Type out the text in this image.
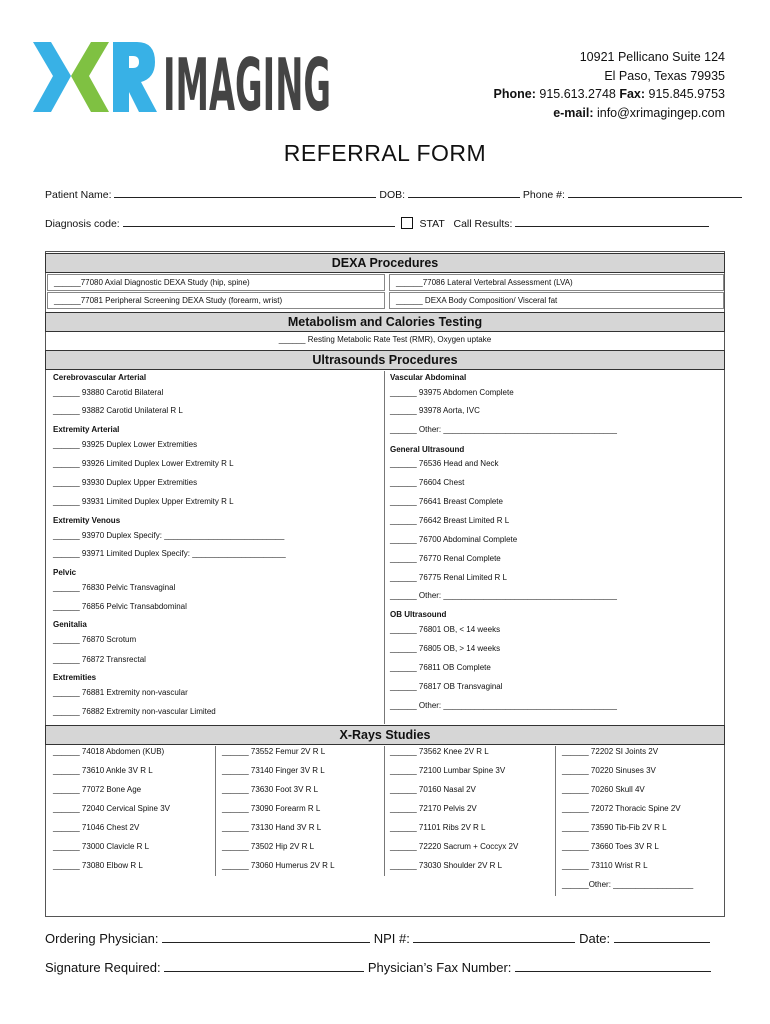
IMAGING	10921 Pellicano Suite 124
El Paso, Texas 79935
Phone: 915.613.2748 Fax: 915.845.9753
e-mail: info@xrimagingep.com
REFERRAL FORM
Patient Name:	DOB:	Phone #:
Diagnosis code:	STAT Call Results:
DEXA Procedures
______77080 Axial Diagnostic DEXA Study (hip, spine)	______77086 Lateral Vertebral Assessment (LVA)
______77081 Peripheral Screening DEXA Study (forearm, wrist)	______ DEXA Body Composition/ Visceral fat
Metabolism and Calories Testing
______ Resting Metabolic Rate Test (RMR), Oxygen uptake
Ultrasounds Procedures
Cerebrovascular Arterial
______ 93880 Carotid Bilateral
______ 93882 Carotid Unilateral R L
Extremity Arterial
______ 93925 Duplex Lower Extremities
______ 93926 Limited Duplex Lower Extremity R L
______ 93930 Duplex Upper Extremities
______ 93931 Limited Duplex Upper Extremity R L
Extremity Venous
______ 93970 Duplex Specify: ___________________________
______ 93971 Limited Duplex Specify: _____________________
Pelvic
______ 76830 Pelvic Transvaginal
______ 76856 Pelvic Transabdominal
Genitalia
______ 76870 Scrotum
______ 76872 Transrectal
Extremities
______ 76881 Extremity non-vascular
______ 76882 Extremity non-vascular Limited
Vascular Abdominal
______ 93975 Abdomen Complete
______ 93978 Aorta, IVC
______ Other: _______________________________________
General Ultrasound
______ 76536 Head and Neck
______ 76604 Chest
______ 76641 Breast Complete
______ 76642 Breast Limited R L
______ 76700 Abdominal Complete
______ 76770 Renal Complete
______ 76775 Renal Limited R L
______ Other: _______________________________________
OB Ultrasound
______ 76801 OB, < 14 weeks
______ 76805 OB, > 14 weeks
______ 76811 OB Complete
______ 76817 OB Transvaginal
______ Other: _______________________________________
X-Rays Studies
______ 74018 Abdomen (KUB)
______ 73610 Ankle 3V R L
______ 77072 Bone Age
______ 72040 Cervical Spine 3V
______ 71046 Chest 2V
______ 73000 Clavicle R L
______ 73080 Elbow R L
______ 73552 Femur 2V R L
______ 73140 Finger 3V R L
______ 73630 Foot 3V R L
______ 73090 Forearm R L
______ 73130 Hand 3V R L
______ 73502 Hip 2V R L
______ 73060 Humerus 2V R L
______ 73562 Knee 2V R L
______ 72100 Lumbar Spine 3V
______ 70160 Nasal 2V
______ 72170 Pelvis 2V
______ 71101 Ribs 2V R L
______ 72220 Sacrum + Coccyx 2V
______ 73030 Shoulder 2V R L
______ 72202 SI Joints 2V
______ 70220 Sinuses 3V
______ 70260 Skull 4V
______ 72072 Thoracic Spine 2V
______ 73590 Tib-Fib 2V R L
______ 73660 Toes 3V R L
______ 73110 Wrist R L
______Other: __________________
Ordering Physician:	NPI #:	Date:
Signature Required:	Physician’s Fax Number:
